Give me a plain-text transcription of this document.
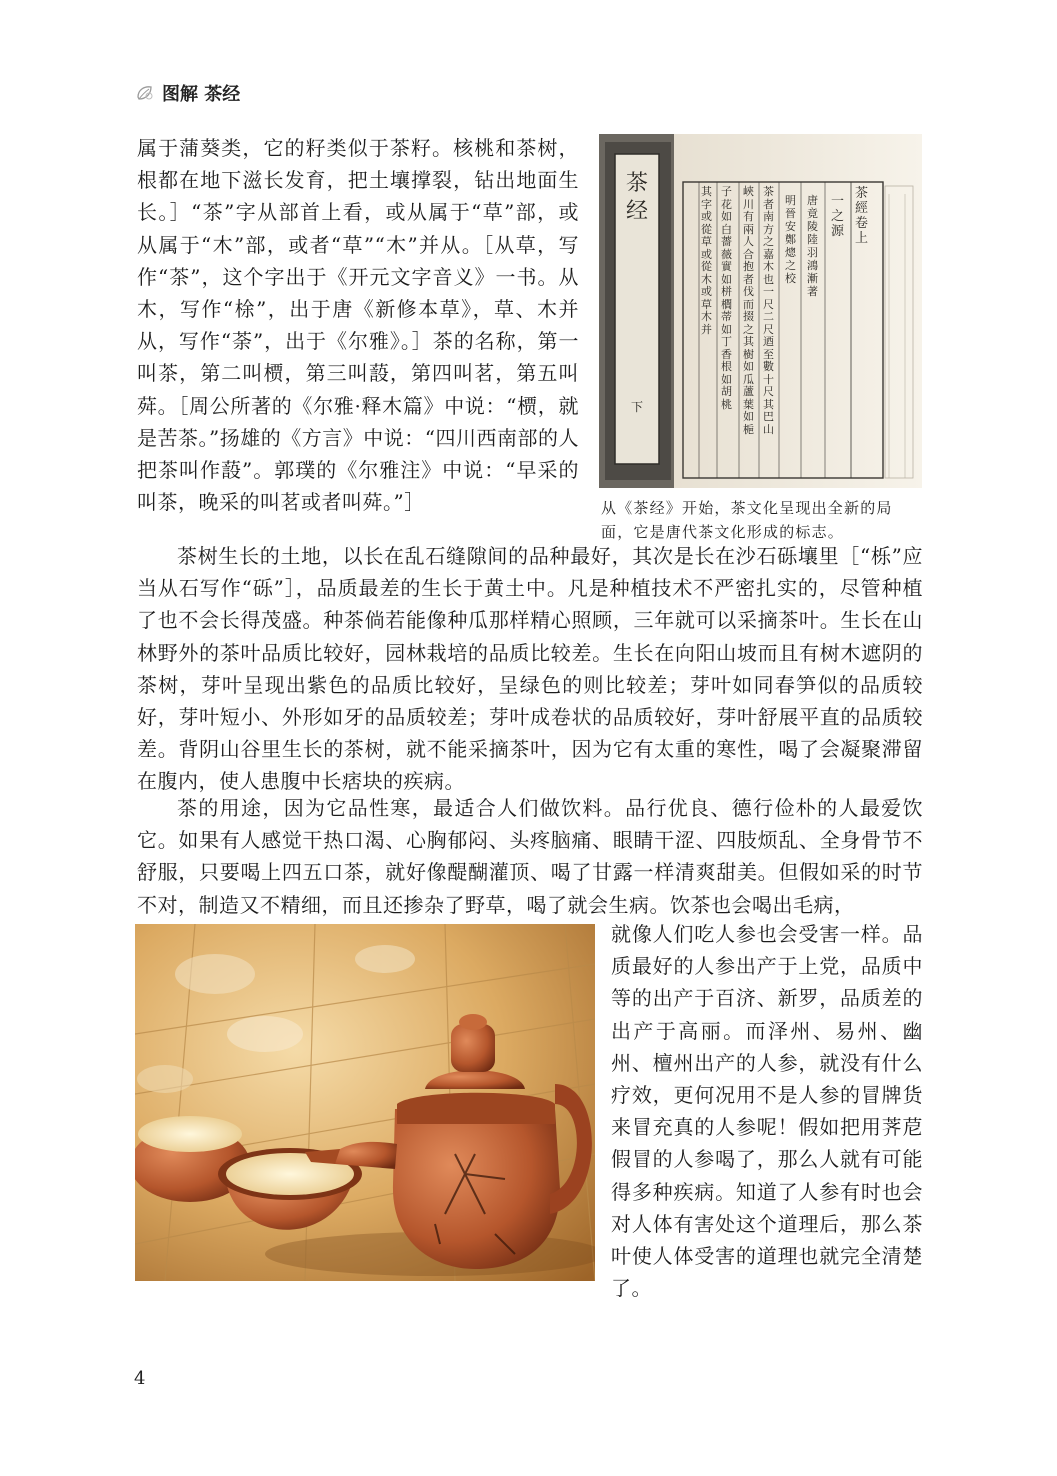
图解 茶经

属于蒲葵类，它的籽类似于茶籽。核桃和茶树，根都在地下滋长发育，把土壤撑裂，钻出地面生长。］“茶”字从部首上看，或从属于“草”部，或从属于“木”部，或者“草”“木”并从。［从草，写作“茶”，这个字出于《开元文字音义》一书。从木，写作“梌”，出于唐《新修本草》，草、木并从，写作“荼”，出于《尔雅》。］茶的名称，第一叫茶，第二叫槚，第三叫蔎，第四叫茗，第五叫荈。［周公所著的《尔雅·释木篇》中说：“槚，就是苦茶。”扬雄的《方言》中说：“四川西南部的人把茶叫作蔎”。郭璞的《尔雅注》中说：“早采的叫茶，晚采的叫茗或者叫荈。”］

茶经
下
茶經卷上
一之源
唐 竟陵陸羽鴻漸著
明 晉安鄭熜之校
茶者南方之嘉木也一尺二尺迺至數十尺其巴山
峽川有兩人合抱者伐而掇之其樹如瓜蘆葉如梔
子花如白薔薇實如栟櫚蒂如丁香根如胡桃
其字或從草或從木或草木并

从《茶经》开始，茶文化呈现出全新的局面，它是唐代茶文化形成的标志。

茶树生长的土地，以长在乱石缝隙间的品种最好，其次是长在沙石砾壤里［“栎”应当从石写作“砾”］，品质最差的生长于黄土中。凡是种植技术不严密扎实的，尽管种植了也不会长得茂盛。种茶倘若能像种瓜那样精心照顾，三年就可以采摘茶叶。生长在山林野外的茶叶品质比较好，园林栽培的品质比较差。生长在向阳山坡而且有树木遮阴的茶树，芽叶呈现出紫色的品质比较好，呈绿色的则比较差；芽叶如同春笋似的品质较好，芽叶短小、外形如牙的品质较差；芽叶成卷状的品质较好，芽叶舒展平直的品质较差。背阴山谷里生长的茶树，就不能采摘茶叶，因为它有太重的寒性，喝了会凝聚滞留在腹内，使人患腹中长痞块的疾病。

茶的用途，因为它品性寒，最适合人们做饮料。品行优良、德行俭朴的人最爱饮它。如果有人感觉干热口渴、心胸郁闷、头疼脑痛、眼睛干涩、四肢烦乱、全身骨节不舒服，只要喝上四五口茶，就好像醍醐灌顶、喝了甘露一样清爽甜美。但假如采的时节不对，制造又不精细，而且还掺杂了野草，喝了就会生病。饮茶也会喝出毛病，

就像人们吃人参也会受害一样。品质最好的人参出产于上党，品质中等的出产于百济、新罗，品质差的出产于高丽。而泽州、易州、幽州、檀州出产的人参，就没有什么疗效，更何况用不是人参的冒牌货来冒充真的人参呢！假如把用荠苨假冒的人参喝了，那么人就有可能得多种疾病。知道了人参有时也会对人体有害处这个道理后，那么茶叶使人体受害的道理也就完全清楚了。

4
